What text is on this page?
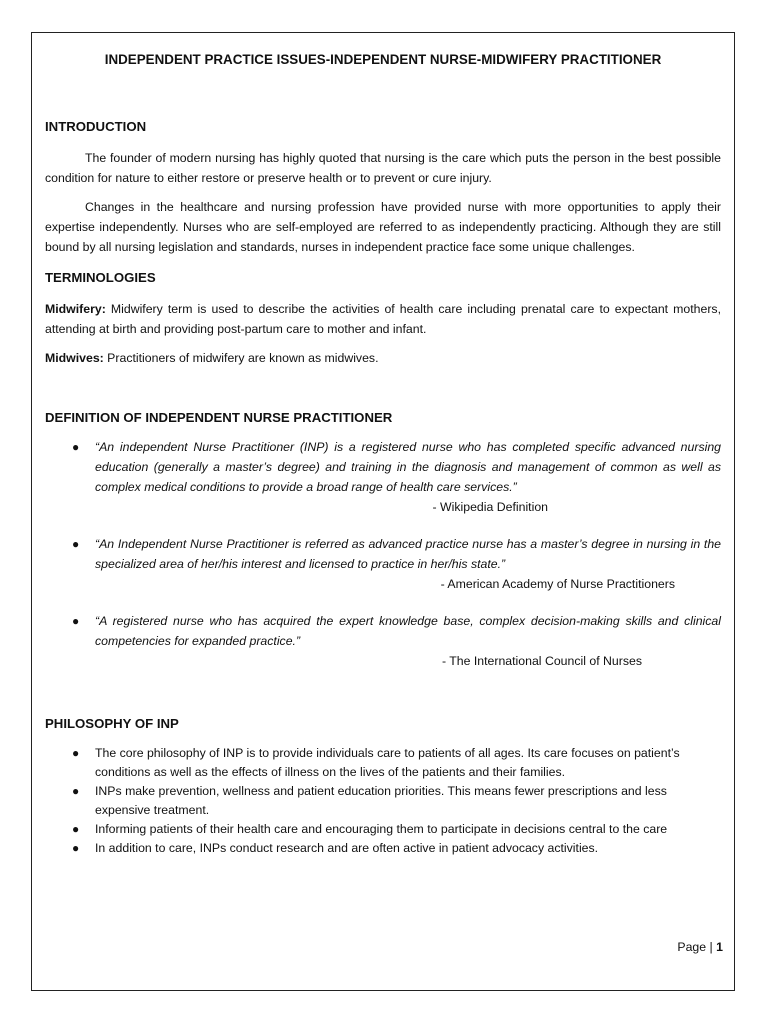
INDEPENDENT PRACTICE ISSUES-INDEPENDENT NURSE-MIDWIFERY PRACTITIONER

INTRODUCTION

The founder of modern nursing has highly quoted that nursing is the care which puts the person in the best possible condition for nature to either restore or preserve health or to prevent or cure injury.

Changes in the healthcare and nursing profession have provided nurse with more opportunities to apply their expertise independently. Nurses who are self-employed are referred to as independently practicing. Although they are still bound by all nursing legislation and standards, nurses in independent practice face some unique challenges.

TERMINOLOGIES

Midwifery: Midwifery term is used to describe the activities of health care including prenatal care to expectant mothers, attending at birth and providing post-partum care to mother and infant.

Midwives: Practitioners of midwifery are known as midwives.

DEFINITION OF INDEPENDENT NURSE PRACTITIONER

● “An independent Nurse Practitioner (INP) is a registered nurse who has completed specific advanced nursing education (generally a master’s degree) and training in the diagnosis and management of common as well as complex medical conditions to provide a broad range of health care services.”
- Wikipedia Definition
● “An Independent Nurse Practitioner is referred as advanced practice nurse has a master’s degree in nursing in the specialized area of her/his interest and licensed to practice in her/his state.”
- American Academy of Nurse Practitioners
● “A registered nurse who has acquired the expert knowledge base, complex decision-making skills and clinical competencies for expanded practice.”
- The International Council of Nurses

PHILOSOPHY OF INP

● The core philosophy of INP is to provide individuals care to patients of all ages. Its care focuses on patient’s conditions as well as the effects of illness on the lives of the patients and their families.
● INPs make prevention, wellness and patient education priorities. This means fewer prescriptions and less expensive treatment.
● Informing patients of their health care and encouraging them to participate in decisions central to the care
● In addition to care, INPs conduct research and are often active in patient advocacy activities.
Page | 1
